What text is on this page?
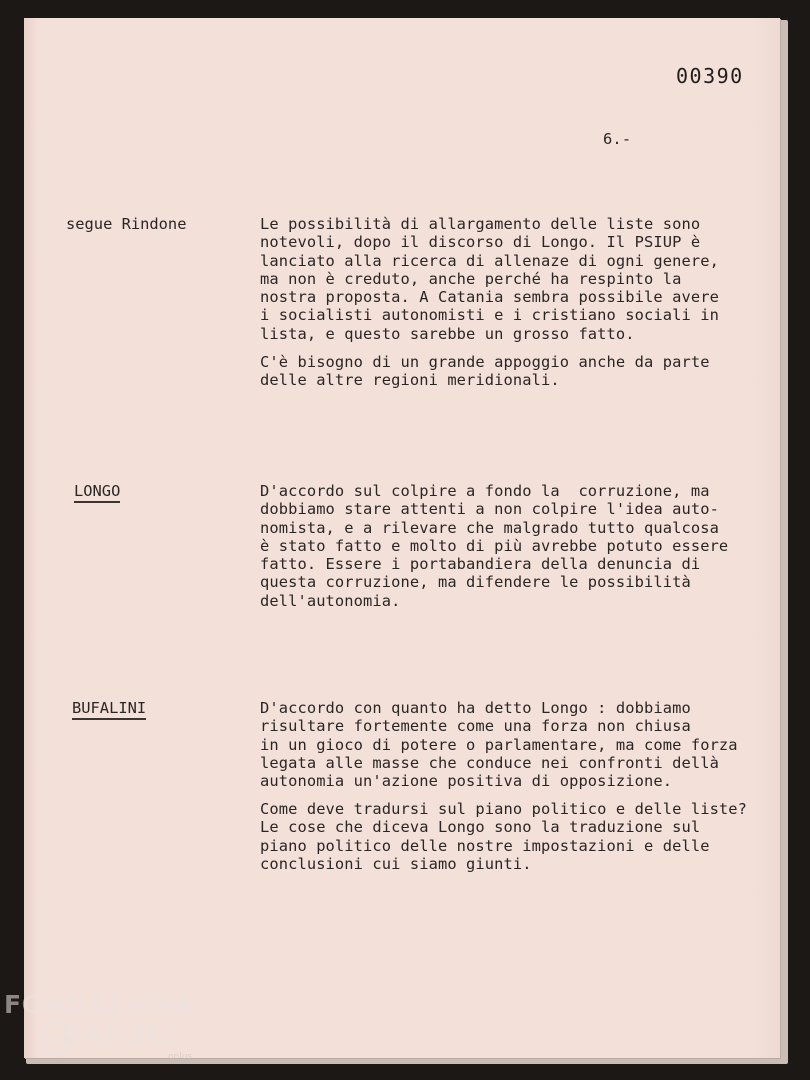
00390

6.-

segue Rindone	Le possibilità di allargamento delle liste sono
notevoli, dopo il discorso di Longo. Il PSIUP è
lanciato alla ricerca di allenaze di ogni genere,
ma non è creduto, anche perché ha respinto la
nostra proposta. A Catania sembra possibile avere
i socialisti autonomisti e i cristiano sociali in
lista, e questo sarebbe un grosso fatto.
C'è bisogno di un grande appoggio anche da parte
delle altre regioni meridionali.

LONGO	D'accordo sul colpire a fondo la  corruzione, ma
dobbiamo stare attenti a non colpire l'idea auto-
nomista, e a rilevare che malgrado tutto qualcosa
è stato fatto e molto di più avrebbe potuto essere
fatto. Essere i portabandiera della denuncia di
questa corruzione, ma difendere le possibilità
dell'autonomia.

BUFALINI	D'accordo con quanto ha detto Longo : dobbiamo
risultare fortemente come una forza non chiusa
in un gioco di potere o parlamentare, ma come forza
legata alle masse che conduce nei confronti dellà
autonomia un'azione positiva di opposizione.
Come deve tradursi sul piano politico e delle liste?
Le cose che diceva Longo sono la traduzione sul
piano politico delle nostre impostazioni e delle
conclusioni cui siamo giunti.
FONDAZIONE
RAMSCI
onlus
